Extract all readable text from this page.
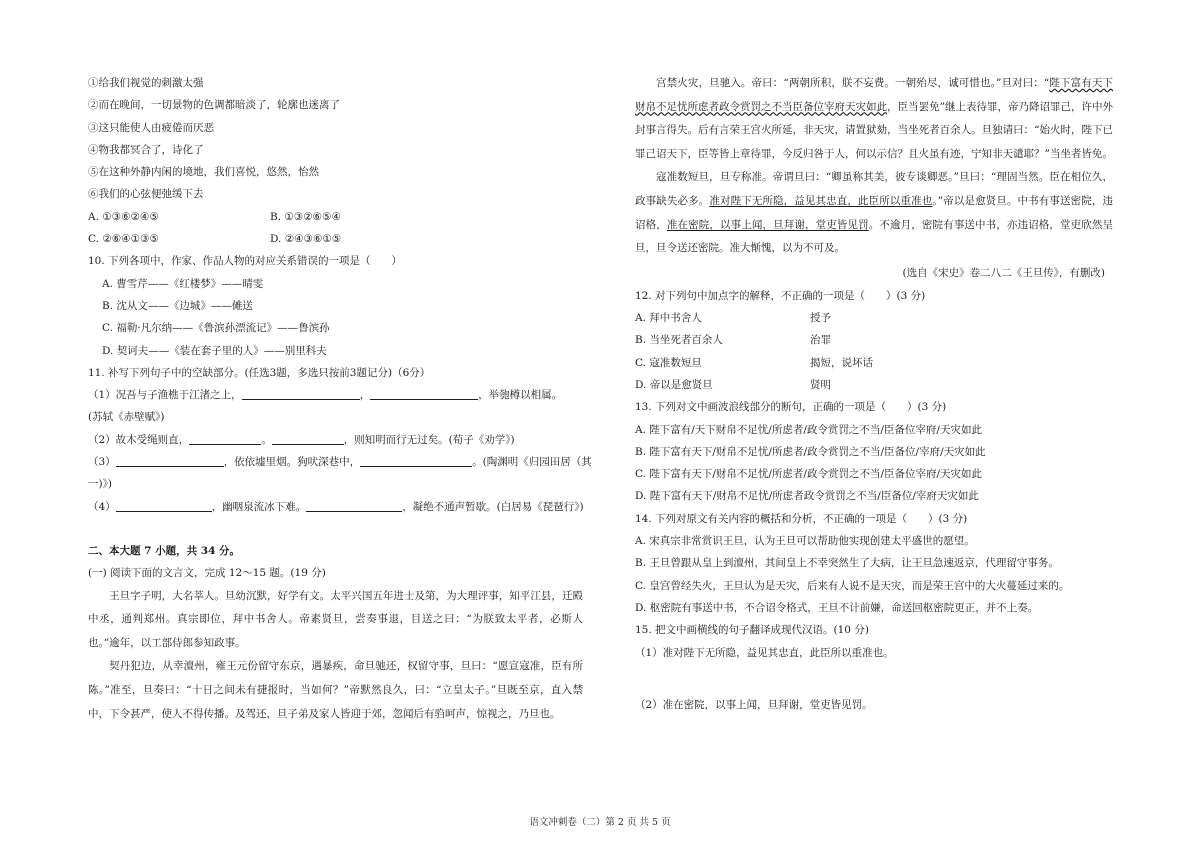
①给我们视觉的刺激太强
②而在晚间，一切景物的色调都暗淡了，轮廓也迷离了
③这只能使人由疲倦而厌恶
④物我都冥合了，诗化了
⑤在这种外静内闲的境地，我们喜悦，悠然，怡然
⑥我们的心弦便弛缓下去
A. ①③⑥②④⑤	B. ①③②⑥⑤④
C. ②⑥④①③⑤	D. ②④③⑥①⑤
10. 下列各项中，作家、作品人物的对应关系错误的一项是（　　）
A. 曹雪芹——《红楼梦》——晴雯
B. 沈从文——《边城》——傩送
C. 福勒·凡尔纳——《鲁滨孙漂流记》——鲁滨孙
D. 契诃夫——《装在套子里的人》——别里科夫
11. 补写下列句子中的空缺部分。(任选3题，多选只按前3题记分)（6分）
（1）况吾与子渔樵于江渚之上，	，	，举匏樽以相属。
(苏轼《赤壁赋》)
（2）故木受绳则直，	。	，则知明而行无过矣。(荀子《劝学》)
（3）	，依依墟里烟。狗吠深巷中，	。(陶渊明《归园田居（其
一)》)
（4）	，幽咽泉流冰下难。	，凝绝不通声暂歇。(白居易《琵琶行》)
二、本大题 7 小题，共 34 分。
(一) 阅读下面的文言文，完成 12～15 题。(19 分)
王旦字子明，大名莘人。旦幼沉默，好学有文。太平兴国五年进士及第，为大理评事，知平江县，迁殿中丞，通判郑州。真宗即位，拜中书舍人。帝素贤旦，尝奏事退，目送之曰：“为朕致太平者，必斯人也。”逾年，以工部侍郎参知政事。
契丹犯边，从幸澶州，雍王元份留守东京，遇暴疾，命旦驰还，权留守事，旦曰：“愿宣寇准，臣有所陈。”准至，旦奏曰：“十日之间未有捷报时，当如何？”帝默然良久，曰：“立皇太子。”旦既至京，直入禁中，下令甚严，使人不得传播。及驾还，旦子弟及家人皆迎于郊，忽闻后有驺呵声，惊视之，乃旦也。
宫禁火灾，旦驰入。帝曰：“两朝所积，朕不妄费。一朝殆尽，诚可惜也。”旦对曰：“陛下富有天下财帛不足忧所虑者政令赏罚之不当臣备位宰府天灾如此，臣当罢免”继上表待罪，帝乃降诏罪己，许中外封事言得失。后有言荣王宫火所延，非天灾，请置狱劾，当坐死者百余人。旦独请曰：“始火时，陛下已罪己诏天下，臣等皆上章待罪，今反归咎于人，何以示信？且火虽有迹，宁知非天谴耶？”当坐者皆免。
寇准数短旦，旦专称准。帝谓旦曰：“卿虽称其美，彼专谈卿恶。”旦曰：“理固当然。臣在相位久，政事缺失必多。准对陛下无所隐，益见其忠直，此臣所以重准也。”帝以是愈贤旦。中书有事送密院，违诏格，准在密院，以事上闻，旦拜谢，堂吏皆见罚。不逾月，密院有事送中书，亦违诏格，堂吏欣然呈旦，旦令送还密院。准大惭愧，以为不可及。
(选自《宋史》卷二八二《王旦传》，有删改)
12. 对下列句中加点字的解释，不正确的一项是（　　）(3 分)
A. 拜中书舍人	授予
B. 当坐死者百余人	治罪
C. 寇准数短旦	揭短，说坏话
D. 帝以是愈贤旦	贤明
13. 下列对文中画波浪线部分的断句，正确的一项是（　　）(3 分)
A. 陛下富有/天下财帛不足忧/所虑者/政令赏罚之不当/臣备位宰府/天灾如此
B. 陛下富有天下/财帛不足忧/所虑者/政令赏罚之不当/臣备位/宰府/天灾如此
C. 陛下富有天下/财帛不足忧/所虑者/政令赏罚之不当/臣备位宰府/天灾如此
D. 陛下富有天下/财帛不足忧/所虑者政令赏罚之不当/臣备位/宰府天灾如此
14. 下列对原文有关内容的概括和分析，不正确的一项是（　　）(3 分)
A. 宋真宗非常赏识王旦，认为王旦可以帮助他实现创建太平盛世的愿望。
B. 王旦曾跟从皇上到澶州，其间皇上不幸突然生了大病，让王旦急速返京，代理留守事务。
C. 皇宫曾经失火，王旦认为是天灾，后来有人说不是天灾，而是荣王宫中的大火蔓延过来的。
D. 枢密院有事送中书，不合诏令格式，王旦不计前嫌，命送回枢密院更正，并不上奏。
15. 把文中画横线的句子翻译成现代汉语。(10 分)
（1）准对陛下无所隐，益见其忠直，此臣所以重准也。
（2）准在密院，以事上闻，旦拜谢，堂吏皆见罚。
语文冲刺卷（二）第 2 页 共 5 页
